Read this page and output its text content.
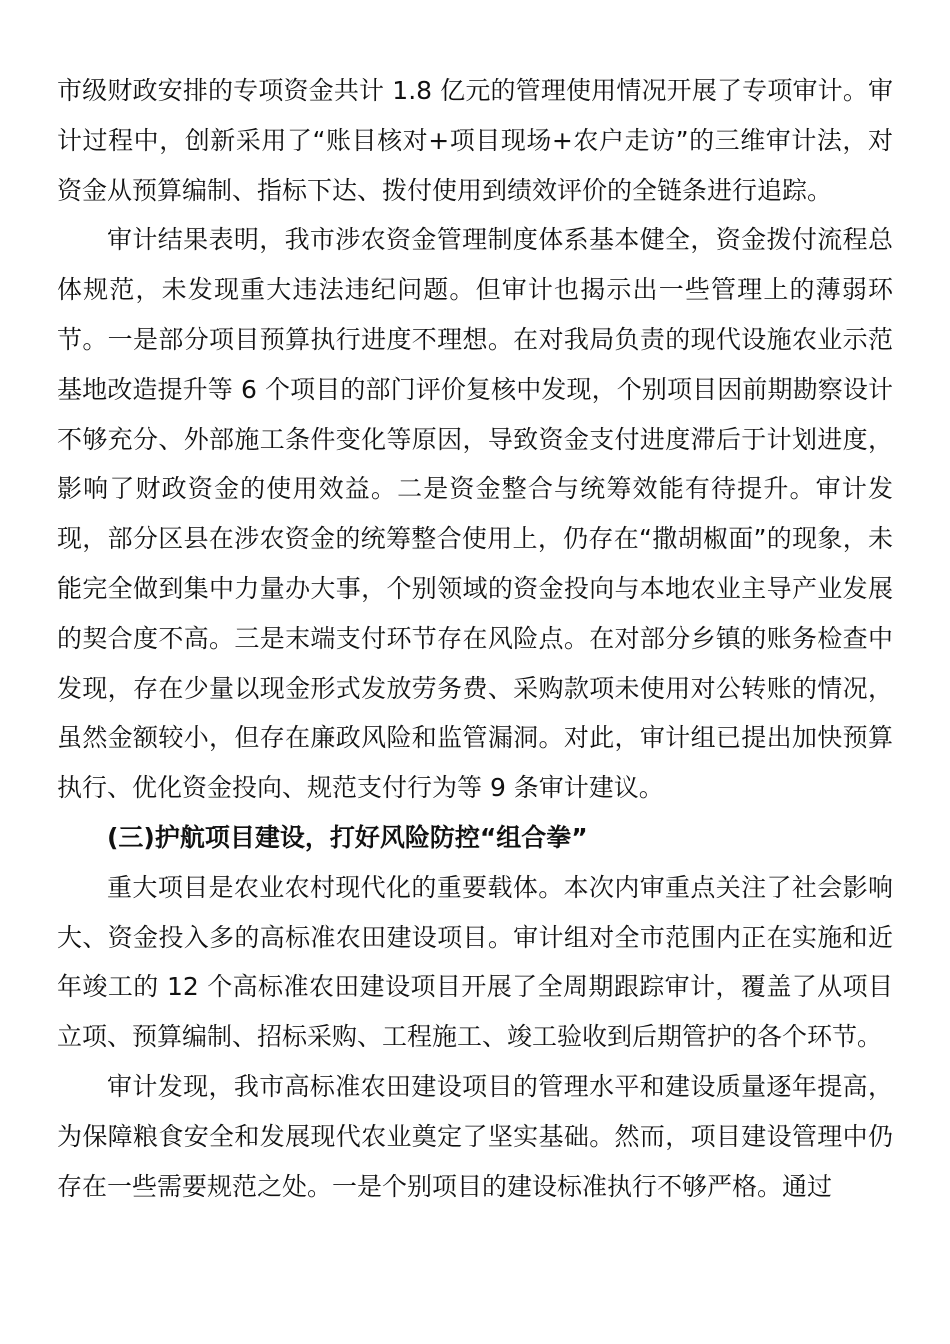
市级财政安排的专项资金共计 1.8 亿元的管理使用情况开展了专项审计。审计过程中，创新采用了“账目核对+项目现场+农户走访”的三维审计法，对资金从预算编制、指标下达、拨付使用到绩效评价的全链条进行追踪。

审计结果表明，我市涉农资金管理制度体系基本健全，资金拨付流程总体规范，未发现重大违法违纪问题。但审计也揭示出一些管理上的薄弱环节。一是部分项目预算执行进度不理想。在对我局负责的现代设施农业示范基地改造提升等 6 个项目的部门评价复核中发现，个别项目因前期勘察设计不够充分、外部施工条件变化等原因，导致资金支付进度滞后于计划进度，影响了财政资金的使用效益。二是资金整合与统筹效能有待提升。审计发现，部分区县在涉农资金的统筹整合使用上，仍存在“撒胡椒面”的现象，未能完全做到集中力量办大事，个别领域的资金投向与本地农业主导产业发展的契合度不高。三是末端支付环节存在风险点。在对部分乡镇的账务检查中发现，存在少量以现金形式发放劳务费、采购款项未使用对公转账的情况，虽然金额较小，但存在廉政风险和监管漏洞。对此，审计组已提出加快预算执行、优化资金投向、规范支付行为等 9 条审计建议。

(三)护航项目建设，打好风险防控“组合拳”

重大项目是农业农村现代化的重要载体。本次内审重点关注了社会影响大、资金投入多的高标准农田建设项目。审计组对全市范围内正在实施和近年竣工的 12 个高标准农田建设项目开展了全周期跟踪审计，覆盖了从项目立项、预算编制、招标采购、工程施工、竣工验收到后期管护的各个环节。

审计发现，我市高标准农田建设项目的管理水平和建设质量逐年提高，为保障粮食安全和发展现代农业奠定了坚实基础。然而，项目建设管理中仍存在一些需要规范之处。一是个别项目的建设标准执行不够严格。通过
